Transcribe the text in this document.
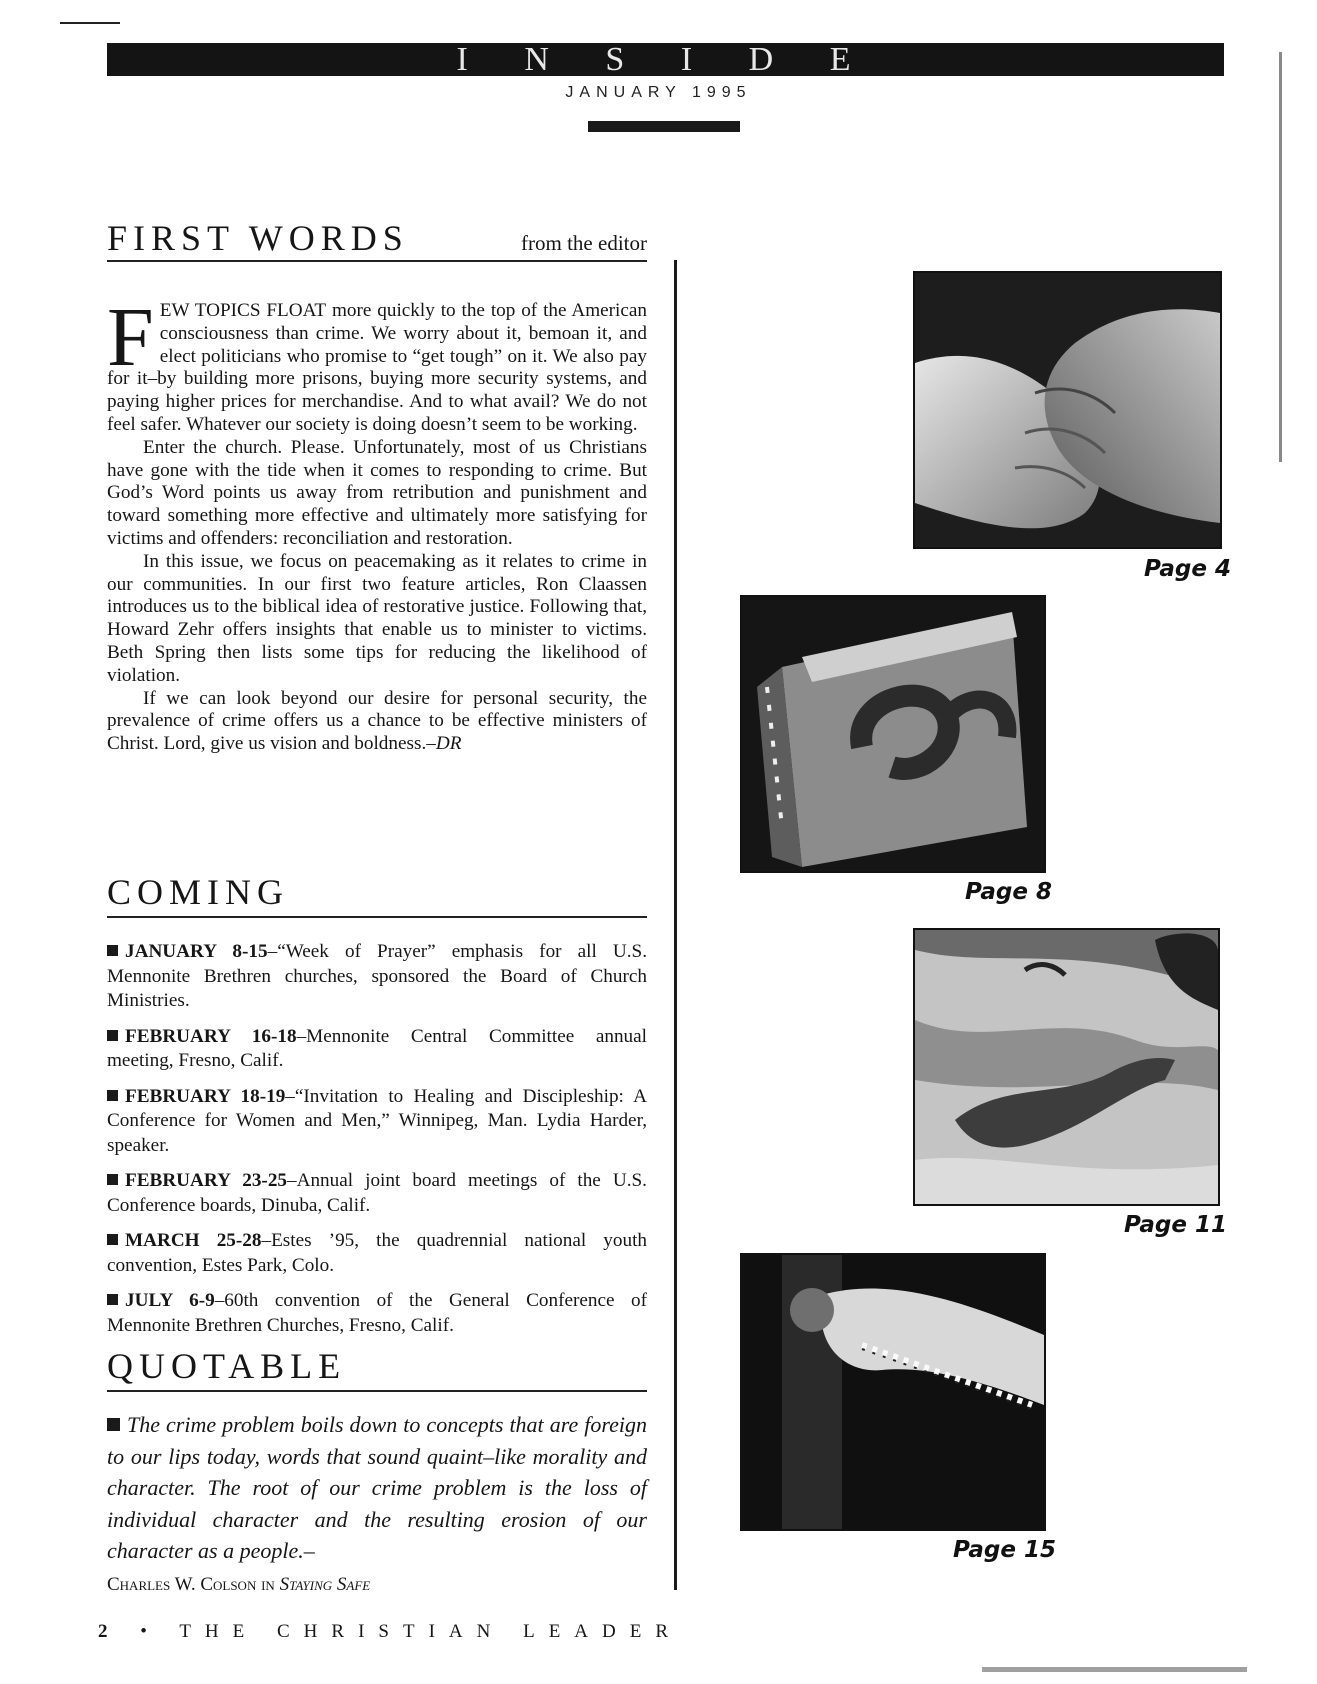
I N S I D E
JANUARY 1995
FIRST WORDS	from the editor

FEW TOPICS FLOAT more quickly to the top of the American consciousness than crime. We worry about it, bemoan it, and elect politicians who promise to “get tough” on it. We also pay for it–by building more prisons, buying more security systems, and paying higher prices for merchandise. And to what avail? We do not feel safer. Whatever our society is doing doesn’t seem to be working.

Enter the church. Please. Unfortunately, most of us Christians have gone with the tide when it comes to responding to crime. But God’s Word points us away from retribution and punishment and toward something more effective and ultimately more satisfying for victims and offenders: reconciliation and restoration.

In this issue, we focus on peacemaking as it relates to crime in our communities. In our first two feature articles, Ron Claassen introduces us to the biblical idea of restorative justice. Following that, Howard Zehr offers insights that enable us to minister to victims. Beth Spring then lists some tips for reducing the likelihood of violation.

If we can look beyond our desire for personal security, the prevalence of crime offers us a chance to be effective ministers of Christ. Lord, give us vision and boldness.–DR

COMING
JANUARY 8-15–“Week of Prayer” emphasis for all U.S. Mennonite Brethren churches, sponsored the Board of Church Ministries.
FEBRUARY 16-18–Mennonite Central Committee annual meeting, Fresno, Calif.
FEBRUARY 18-19–“Invitation to Healing and Discipleship: A Conference for Women and Men,” Winnipeg, Man. Lydia Harder, speaker.
FEBRUARY 23-25–Annual joint board meetings of the U.S. Conference boards, Dinuba, Calif.
MARCH 25-28–Estes ’95, the quadrennial national youth convention, Estes Park, Colo.
JULY 6-9–60th convention of the General Conference of Mennonite Brethren Churches, Fresno, Calif.
QUOTABLE
The crime problem boils down to concepts that are foreign to our lips today, words that sound quaint–like morality and character. The root of our crime problem is the loss of individual character and the resulting erosion of our character as a people.–
Charles W. Colson in Staying Safe
Page 4
Page 8
Page 11
Page 15
2 • THE CHRISTIAN LEADER
